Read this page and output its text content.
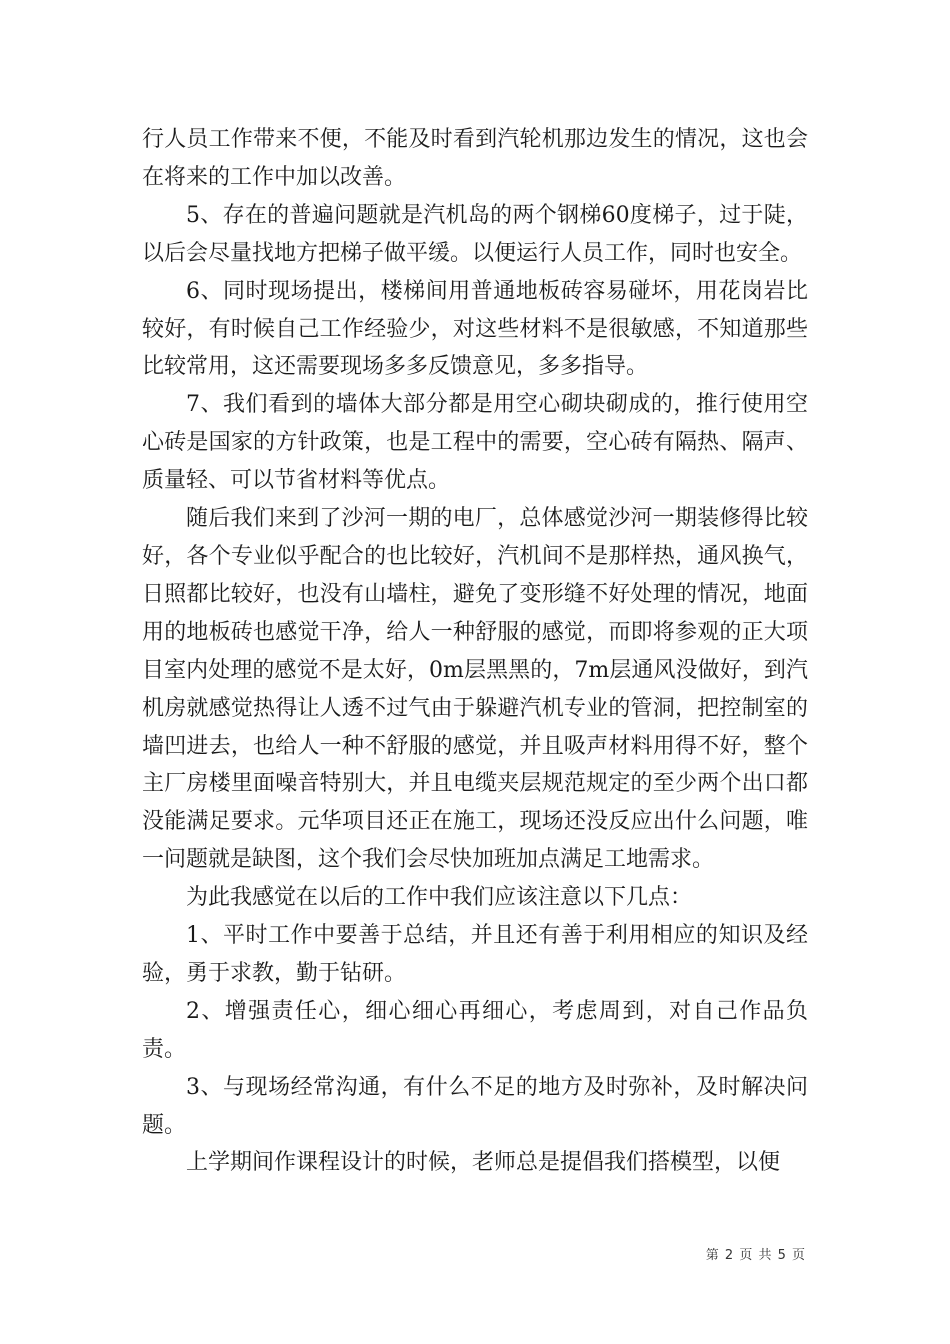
行人员工作带来不便，不能及时看到汽轮机那边发生的情况，这也会在将来的工作中加以改善。

5、存在的普遍问题就是汽机岛的两个钢梯60度梯子，过于陡，以后会尽量找地方把梯子做平缓。以便运行人员工作，同时也安全。

6、同时现场提出，楼梯间用普通地板砖容易碰坏，用花岗岩比较好，有时候自己工作经验少，对这些材料不是很敏感，不知道那些比较常用，这还需要现场多多反馈意见，多多指导。

7、我们看到的墙体大部分都是用空心砌块砌成的，推行使用空心砖是国家的方针政策，也是工程中的需要，空心砖有隔热、隔声、质量轻、可以节省材料等优点。

随后我们来到了沙河一期的电厂，总体感觉沙河一期装修得比较好，各个专业似乎配合的也比较好，汽机间不是那样热，通风换气，日照都比较好，也没有山墙柱，避免了变形缝不好处理的情况，地面用的地板砖也感觉干净，给人一种舒服的感觉，而即将参观的正大项目室内处理的感觉不是太好，0m层黑黑的，7m层通风没做好，到汽机房就感觉热得让人透不过气由于躲避汽机专业的管洞，把控制室的墙凹进去，也给人一种不舒服的感觉，并且吸声材料用得不好，整个主厂房楼里面噪音特别大，并且电缆夹层规范规定的至少两个出口都没能满足要求。元华项目还正在施工，现场还没反应出什么问题，唯一问题就是缺图，这个我们会尽快加班加点满足工地需求。

为此我感觉在以后的工作中我们应该注意以下几点：

1、平时工作中要善于总结，并且还有善于利用相应的知识及经验，勇于求教，勤于钻研。

2、增强责任心，细心细心再细心，考虑周到，对自己作品负责。

3、与现场经常沟通，有什么不足的地方及时弥补，及时解决问题。

上学期间作课程设计的时候，老师总是提倡我们搭模型，以便

第 2 页 共 5 页
